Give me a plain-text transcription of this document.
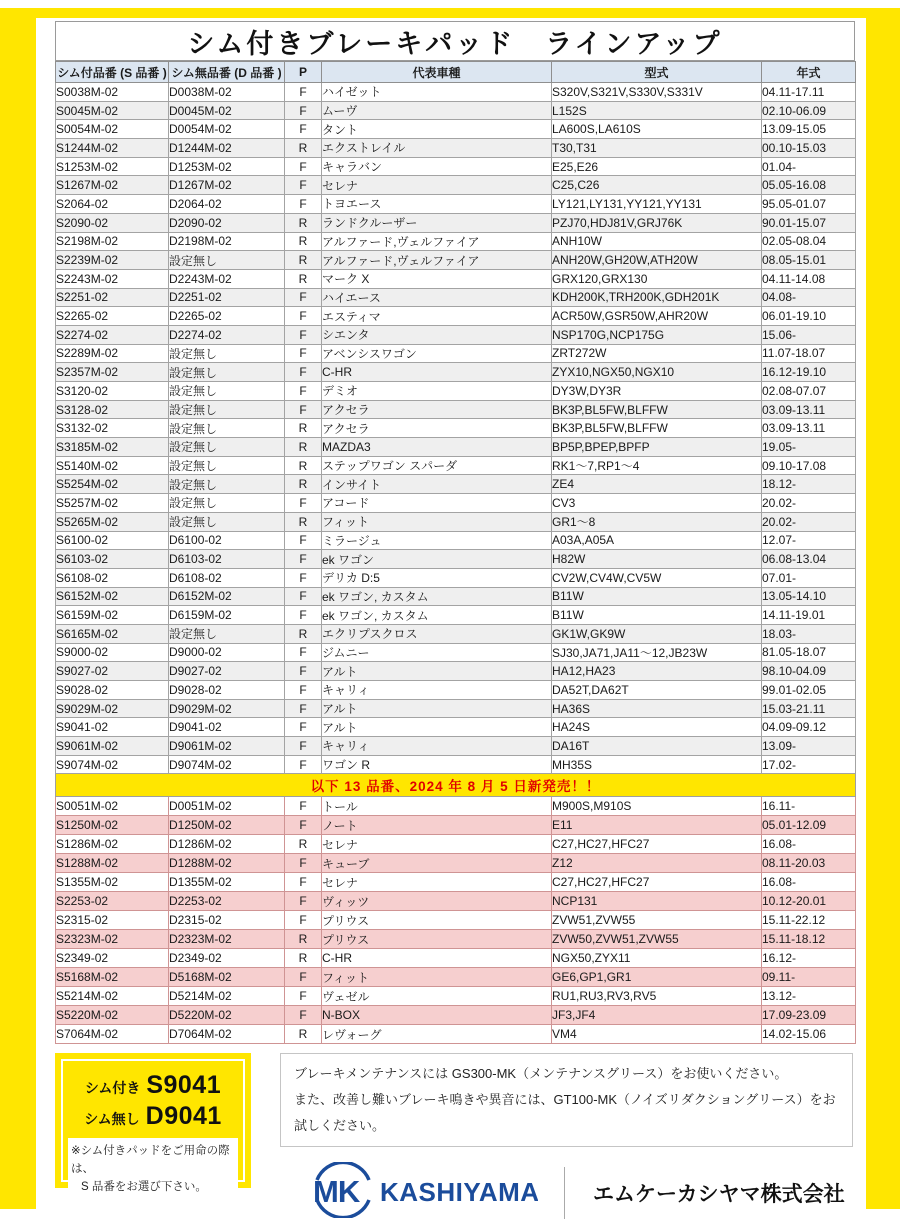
シム付きブレーキパッド　ラインアップ
シム付品番 (S 品番 )	シム無品番 (D 品番 )	P	代表車種	型式	年式
S0038M-02	D0038M-02	F	ハイゼット	S320V,S321V,S330V,S331V	04.11-17.11
S0045M-02	D0045M-02	F	ムーヴ	L152S	02.10-06.09
S0054M-02	D0054M-02	F	タント	LA600S,LA610S	13.09-15.05
S1244M-02	D1244M-02	R	エクストレイル	T30,T31	00.10-15.03
S1253M-02	D1253M-02	F	キャラバン	E25,E26	01.04-
S1267M-02	D1267M-02	F	セレナ	C25,C26	05.05-16.08
S2064-02	D2064-02	F	トヨエース	LY121,LY131,YY121,YY131	95.05-01.07
S2090-02	D2090-02	R	ランドクルーザー	PZJ70,HDJ81V,GRJ76K	90.01-15.07
S2198M-02	D2198M-02	R	アルファード,ヴェルファイア	ANH10W	02.05-08.04
S2239M-02	設定無し	R	アルファード,ヴェルファイア	ANH20W,GH20W,ATH20W	08.05-15.01
S2243M-02	D2243M-02	R	マーク X	GRX120,GRX130	04.11-14.08
S2251-02	D2251-02	F	ハイエース	KDH200K,TRH200K,GDH201K	04.08-
S2265-02	D2265-02	F	エスティマ	ACR50W,GSR50W,AHR20W	06.01-19.10
S2274-02	D2274-02	F	シエンタ	NSP170G,NCP175G	15.06-
S2289M-02	設定無し	F	アベンシスワゴン	ZRT272W	11.07-18.07
S2357M-02	設定無し	F	C-HR	ZYX10,NGX50,NGX10	16.12-19.10
S3120-02	設定無し	F	デミオ	DY3W,DY3R	02.08-07.07
S3128-02	設定無し	F	アクセラ	BK3P,BL5FW,BLFFW	03.09-13.11
S3132-02	設定無し	R	アクセラ	BK3P,BL5FW,BLFFW	03.09-13.11
S3185M-02	設定無し	R	MAZDA3	BP5P,BPEP,BPFP	19.05-
S5140M-02	設定無し	R	ステップワゴン スパーダ	RK1～7,RP1～4	09.10-17.08
S5254M-02	設定無し	R	インサイト	ZE4	18.12-
S5257M-02	設定無し	F	アコード	CV3	20.02-
S5265M-02	設定無し	R	フィット	GR1～8	20.02-
S6100-02	D6100-02	F	ミラージュ	A03A,A05A	12.07-
S6103-02	D6103-02	F	ek ワゴン	H82W	06.08-13.04
S6108-02	D6108-02	F	デリカ D:5	CV2W,CV4W,CV5W	07.01-
S6152M-02	D6152M-02	F	ek ワゴン, カスタム	B11W	13.05-14.10
S6159M-02	D6159M-02	F	ek ワゴン, カスタム	B11W	14.11-19.01
S6165M-02	設定無し	R	エクリプスクロス	GK1W,GK9W	18.03-
S9000-02	D9000-02	F	ジムニー	SJ30,JA71,JA11～12,JB23W	81.05-18.07
S9027-02	D9027-02	F	アルト	HA12,HA23	98.10-04.09
S9028-02	D9028-02	F	キャリィ	DA52T,DA62T	99.01-02.05
S9029M-02	D9029M-02	F	アルト	HA36S	15.03-21.11
S9041-02	D9041-02	F	アルト	HA24S	04.09-09.12
S9061M-02	D9061M-02	F	キャリィ	DA16T	13.09-
S9074M-02	D9074M-02	F	ワゴン R	MH35S	17.02-
以下 13 品番、2024 年 8 月 5 日新発売！！					
S0051M-02	D0051M-02	F	トール	M900S,M910S	16.11-
S1250M-02	D1250M-02	F	ノート	E11	05.01-12.09
S1286M-02	D1286M-02	R	セレナ	C27,HC27,HFC27	16.08-
S1288M-02	D1288M-02	F	キューブ	Z12	08.11-20.03
S1355M-02	D1355M-02	F	セレナ	C27,HC27,HFC27	16.08-
S2253-02	D2253-02	F	ヴィッツ	NCP131	10.12-20.01
S2315-02	D2315-02	F	プリウス	ZVW51,ZVW55	15.11-22.12
S2323M-02	D2323M-02	R	プリウス	ZVW50,ZVW51,ZVW55	15.11-18.12
S2349-02	D2349-02	R	C-HR	NGX50,ZYX11	16.12-
S5168M-02	D5168M-02	F	フィット	GE6,GP1,GR1	09.11-
S5214M-02	D5214M-02	F	ヴェゼル	RU1,RU3,RV3,RV5	13.12-
S5220M-02	D5220M-02	F	N-BOX	JF3,JF4	17.09-23.09
S7064M-02	D7064M-02	R	レヴォーグ	VM4	14.02-15.06
シム付き S9041
シム無し D9041
※シム付きパッドをご用命の際は、
S 品番をお選び下さい。
ブレーキメンテナンスには GS300-MK（メンテナンスグリース）をお使いください。
また、改善し難いブレーキ鳴きや異音には、GT100-MK（ノイズリダクショングリース）をお試しください。
MK KASHIYAMA	エムケーカシヤマ株式会社
